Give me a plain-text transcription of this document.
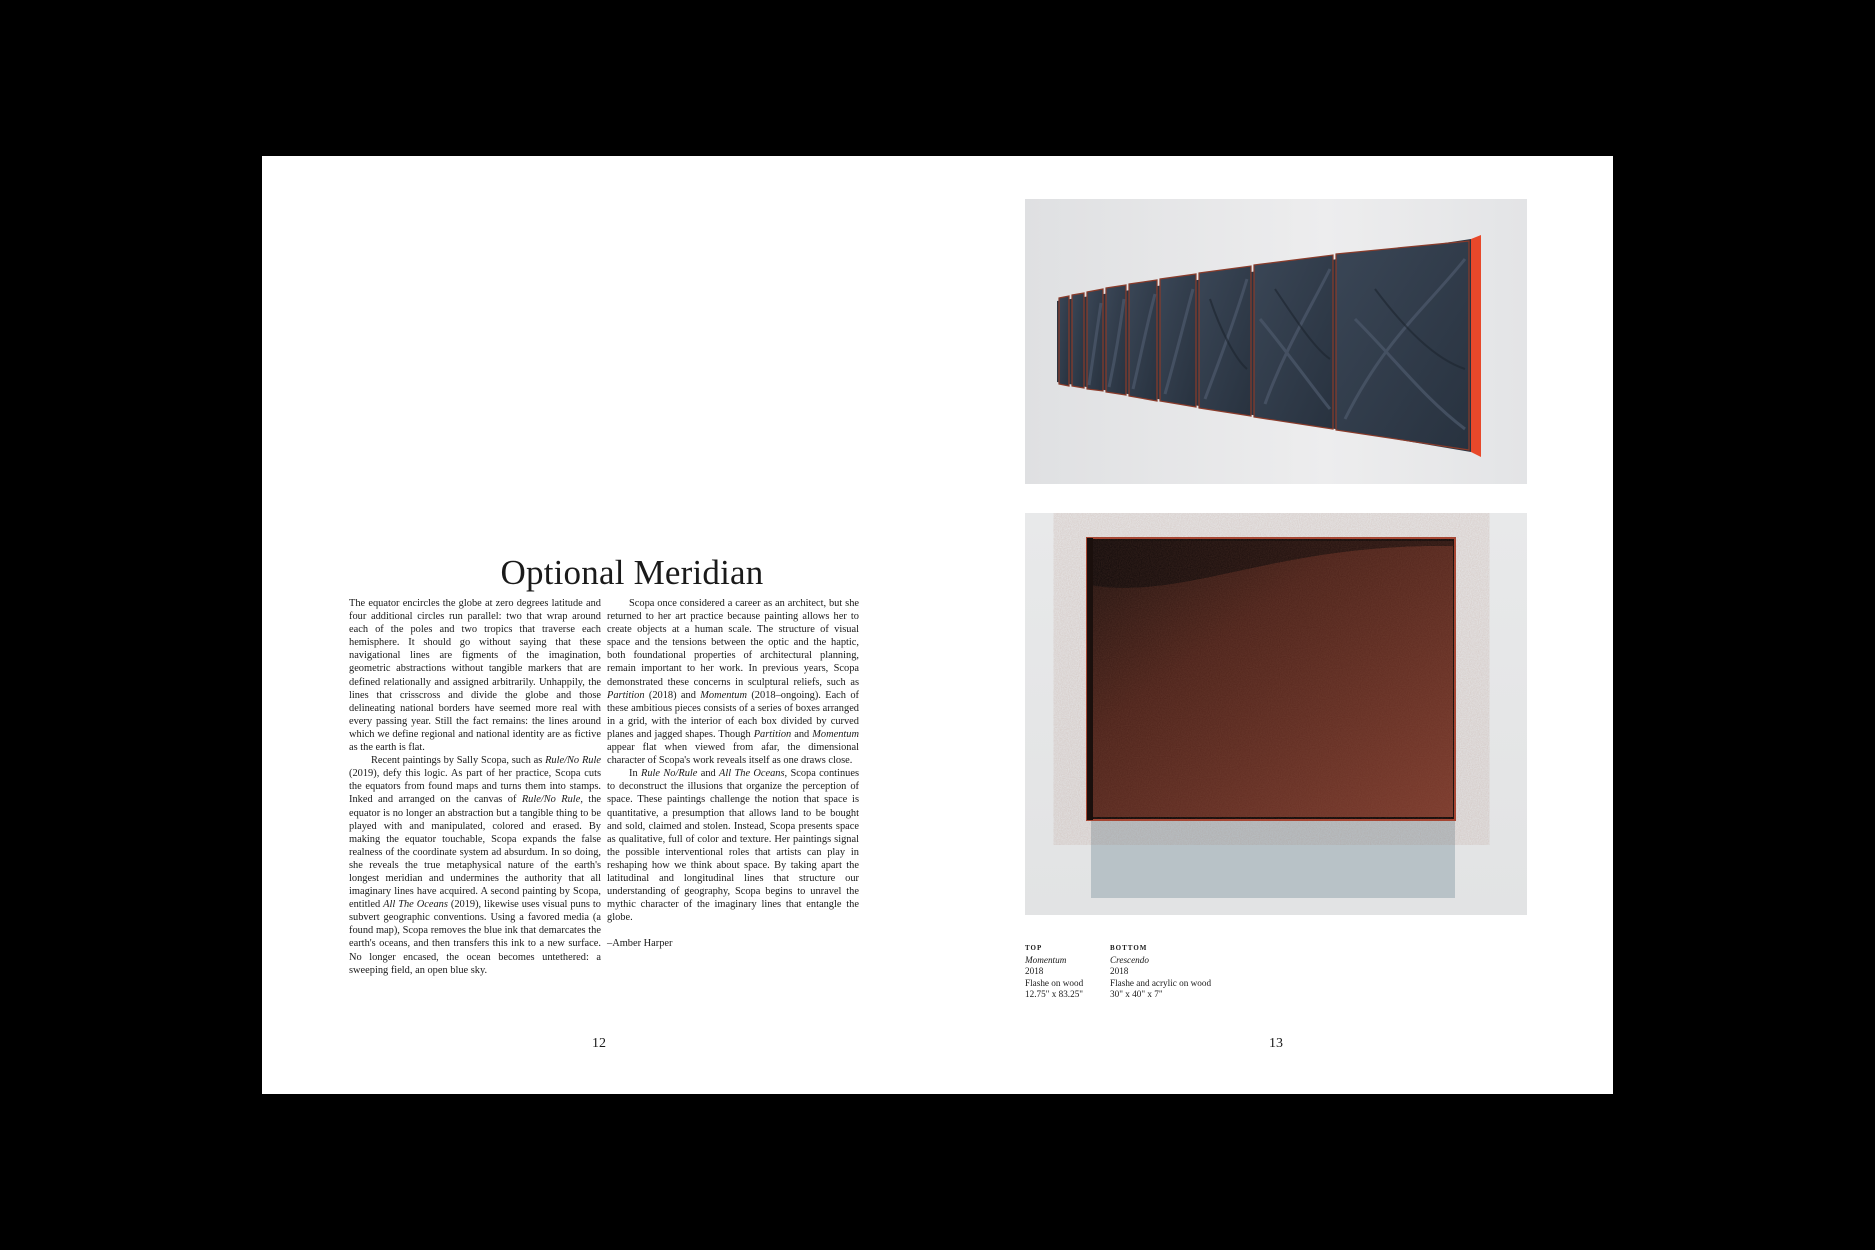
Optional Meridian

The equator encircles the globe at zero degrees latitude and four additional circles run parallel: two that wrap around each of the poles and two tropics that traverse each hemisphere. It should go without saying that these navigational lines are figments of the imagination, geometric abstractions without tangible markers that are defined relationally and assigned arbitrarily. Unhappily, the lines that crisscross and divide the globe and those delineating national borders have seemed more real with every passing year. Still the fact remains: the lines around which we define regional and national identity are as fictive as the earth is flat.

Recent paintings by Sally Scopa, such as Rule/No Rule (2019), defy this logic. As part of her practice, Scopa cuts the equators from found maps and turns them into stamps. Inked and arranged on the canvas of Rule/No Rule, the equator is no longer an abstraction but a tangible thing to be played with and manipulated, colored and erased. By making the equator touchable, Scopa expands the false realness of the coordinate system ad absurdum. In so doing, she reveals the true metaphysical nature of the earth's longest meridian and undermines the authority that all imaginary lines have acquired. A second painting by Scopa, entitled All The Oceans (2019), likewise uses visual puns to subvert geographic conventions. Using a favored media (a found map), Scopa removes the blue ink that demarcates the earth's oceans, and then transfers this ink to a new surface. No longer encased, the ocean becomes untethered: a sweeping field, an open blue sky.

Scopa once considered a career as an architect, but she returned to her art practice because painting allows her to create objects at a human scale. The structure of visual space and the tensions between the optic and the haptic, both foundational properties of architectural planning, remain important to her work. In previous years, Scopa demonstrated these concerns in sculptural reliefs, such as Partition (2018) and Momentum (2018–ongoing). Each of these ambitious pieces consists of a series of boxes arranged in a grid, with the interior of each box divided by curved planes and jagged shapes. Though Partition and Momentum appear flat when viewed from afar, the dimensional character of Scopa's work reveals itself as one draws close.

In Rule No/Rule and All The Oceans, Scopa continues to deconstruct the illusions that organize the perception of space. These paintings challenge the notion that space is quantitative, a presumption that allows land to be bought and sold, claimed and stolen. Instead, Scopa presents space as qualitative, full of color and texture. Her paintings signal the possible interventional roles that artists can play in reshaping how we think about space. By taking apart the latitudinal and longitudinal lines that structure our understanding of geography, Scopa begins to unravel the mythic character of the imaginary lines that entangle the globe.

–Amber Harper

12
TOP
Momentum
2018
Flashe on wood
12.75" x 83.25"
BOTTOM
Crescendo
2018
Flashe and acrylic on wood
30" x 40" x 7"
13
